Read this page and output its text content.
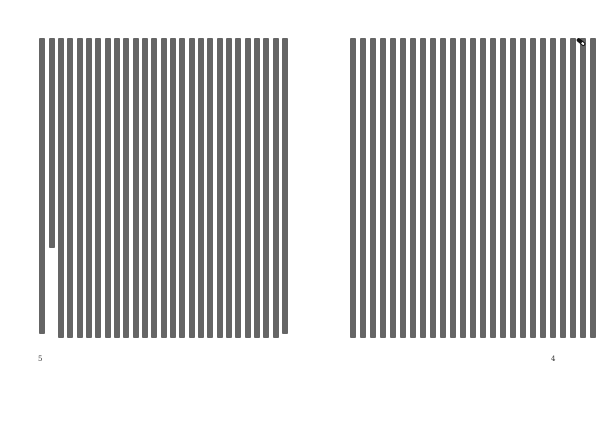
5	4
